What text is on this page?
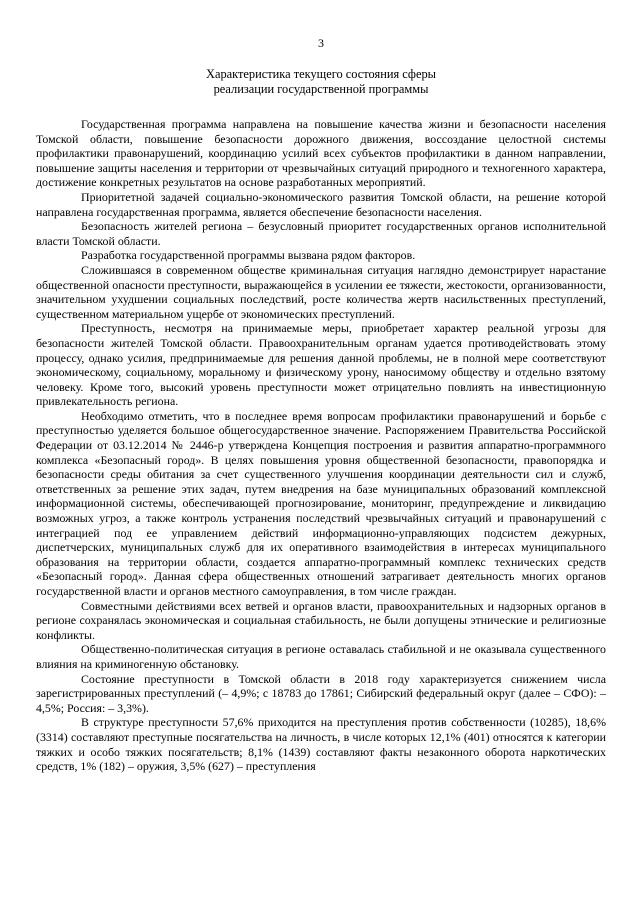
3
Характеристика текущего состояния сферы
реализации государственной программы

Государственная программа направлена на повышение качества жизни и безопасности населения Томской области, повышение безопасности дорожного движения, воссоздание целостной системы профилактики правонарушений, координацию усилий всех субъектов профилактики в данном направлении, повышение защиты населения и территории от чрезвычайных ситуаций природного и техногенного характера, достижение конкретных результатов на основе разработанных мероприятий.

Приоритетной задачей социально-экономического развития Томской области, на решение которой направлена государственная программа, является обеспечение безопасности населения.

Безопасность жителей региона – безусловный приоритет государственных органов исполнительной власти Томской области.

Разработка государственной программы вызвана рядом факторов.

Сложившаяся в современном обществе криминальная ситуация наглядно демонстрирует нарастание общественной опасности преступности, выражающейся в усилении ее тяжести, жестокости, организованности, значительном ухудшении социальных последствий, росте количества жертв насильственных преступлений, существенном материальном ущербе от экономических преступлений.

Преступность, несмотря на принимаемые меры, приобретает характер реальной угрозы для безопасности жителей Томской области. Правоохранительным органам удается противодействовать этому процессу, однако усилия, предпринимаемые для решения данной проблемы, не в полной мере соответствуют экономическому, социальному, моральному и физическому урону, наносимому обществу и отдельно взятому человеку. Кроме того, высокий уровень преступности может отрицательно повлиять на инвестиционную привлекательность региона.

Необходимо отметить, что в последнее время вопросам профилактики правонарушений и борьбе с преступностью уделяется большое общегосударственное значение. Распоряжением Правительства Российской Федерации от 03.12.2014 № 2446-р утверждена Концепция построения и развития аппаратно-программного комплекса «Безопасный город». В целях повышения уровня общественной безопасности, правопорядка и безопасности среды обитания за счет существенного улучшения координации деятельности сил и служб, ответственных за решение этих задач, путем внедрения на базе муниципальных образований комплексной информационной системы, обеспечивающей прогнозирование, мониторинг, предупреждение и ликвидацию возможных угроз, а также контроль устранения последствий чрезвычайных ситуаций и правонарушений с интеграцией под ее управлением действий информационно-управляющих подсистем дежурных, диспетчерских, муниципальных служб для их оперативного взаимодействия в интересах муниципального образования на территории области, создается аппаратно-программный комплекс технических средств «Безопасный город». Данная сфера общественных отношений затрагивает деятельность многих органов государственной власти и органов местного самоуправления, в том числе граждан.

Совместными действиями всех ветвей и органов власти, правоохранительных и надзорных органов в регионе сохранялась экономическая и социальная стабильность, не были допущены этнические и религиозные конфликты.

Общественно-политическая ситуация в регионе оставалась стабильной и не оказывала существенного влияния на криминогенную обстановку.

Состояние преступности в Томской области в 2018 году характеризуется снижением числа зарегистрированных преступлений (– 4,9%; с 18783 до 17861; Сибирский федеральный округ (далее – СФО): – 4,5%; Россия: – 3,3%).

В структуре преступности 57,6% приходится на преступления против собственности (10285), 18,6% (3314) составляют преступные посягательства на личность, в числе которых 12,1% (401) относятся к категории тяжких и особо тяжких посягательств; 8,1% (1439) составляют факты незаконного оборота наркотических средств, 1% (182) – оружия, 3,5% (627) – преступления
